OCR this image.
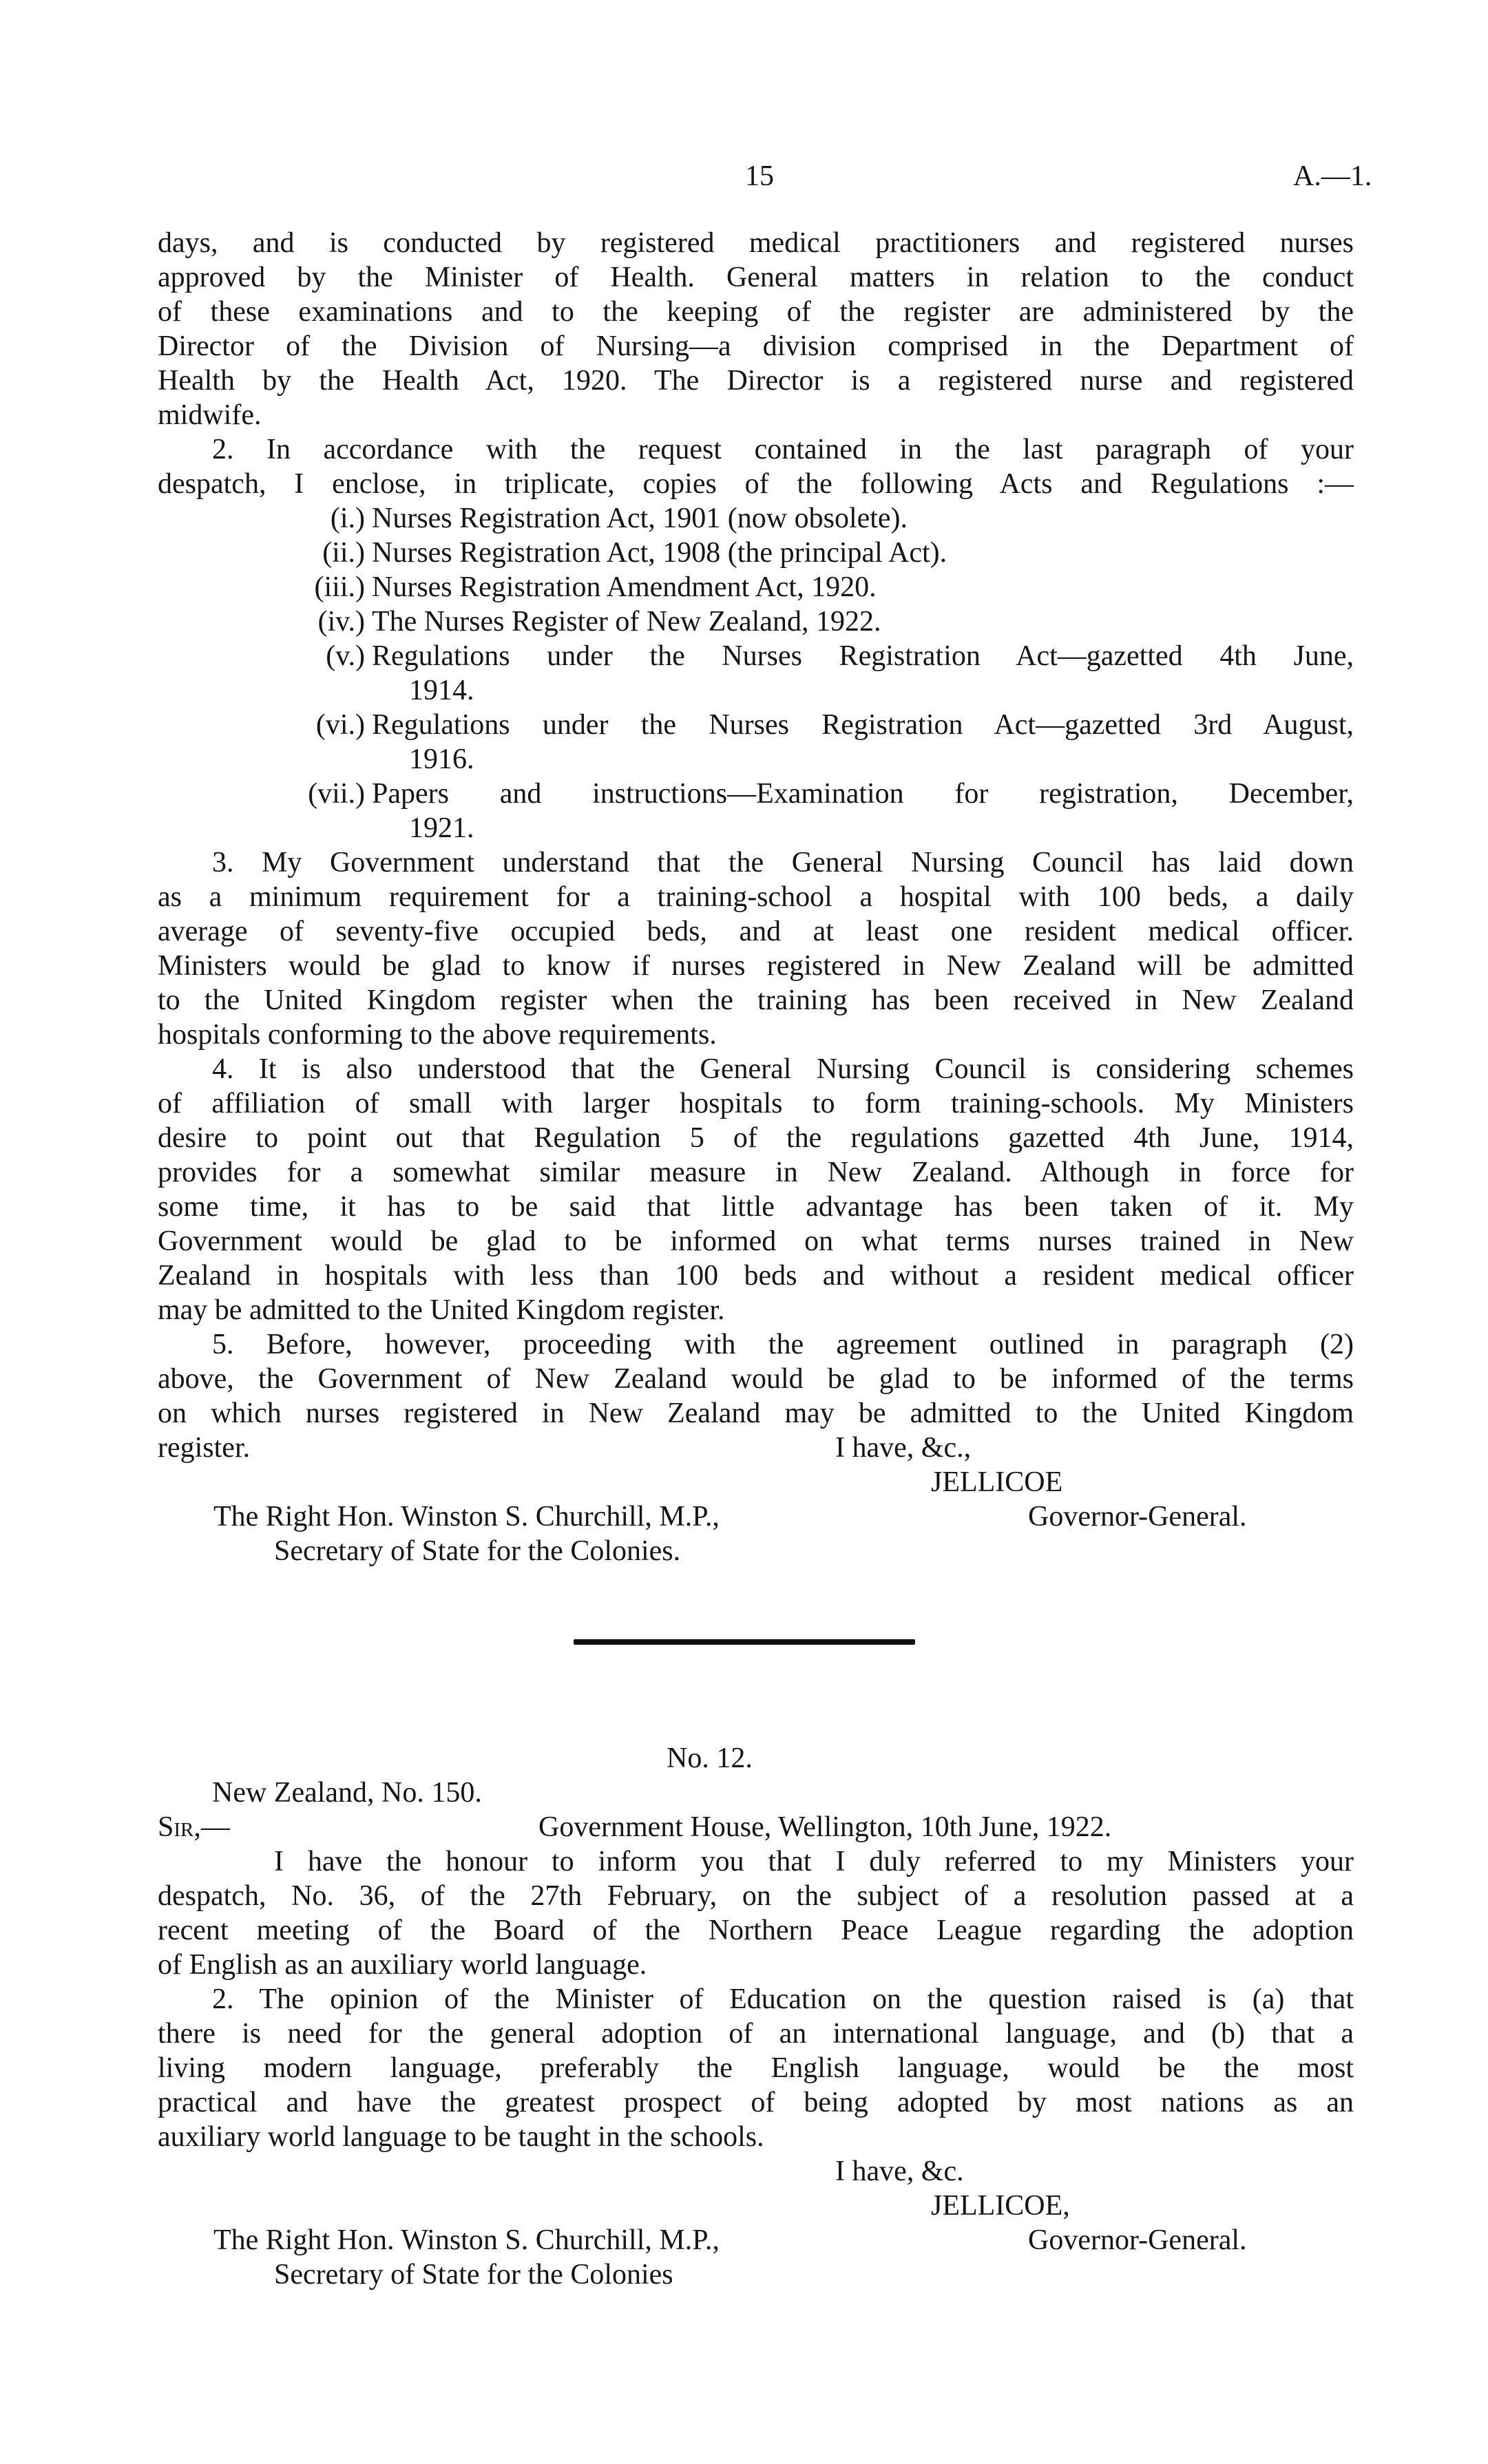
15	A.—1.
days, and is conducted by registered medical practitioners and registered nurses
approved by the Minister of Health. General matters in relation to the conduct
of these examinations and to the keeping of the register are administered by the
Director of the Division of Nursing—a division comprised in the Department of
Health by the Health Act, 1920. The Director is a registered nurse and registered
midwife.
2. In accordance with the request contained in the last paragraph of your
despatch, I enclose, in triplicate, copies of the following Acts and Regulations :—
(i.) Nurses Registration Act, 1901 (now obsolete).
(ii.) Nurses Registration Act, 1908 (the principal Act).
(iii.) Nurses Registration Amendment Act, 1920.
(iv.) The Nurses Register of New Zealand, 1922.
(v.) Regulations under the Nurses Registration Act—gazetted 4th June,
1914.
(vi.) Regulations under the Nurses Registration Act—gazetted 3rd August,
1916.
(vii.) Papers and instructions—Examination for registration, December,
1921.
3. My Government understand that the General Nursing Council has laid down
as a minimum requirement for a training-school a hospital with 100 beds, a daily
average of seventy-five occupied beds, and at least one resident medical officer.
Ministers would be glad to know if nurses registered in New Zealand will be admitted
to the United Kingdom register when the training has been received in New Zealand
hospitals conforming to the above requirements.
4. It is also understood that the General Nursing Council is considering schemes
of affiliation of small with larger hospitals to form training-schools. My Ministers
desire to point out that Regulation 5 of the regulations gazetted 4th June, 1914,
provides for a somewhat similar measure in New Zealand. Although in force for
some time, it has to be said that little advantage has been taken of it. My
Government would be glad to be informed on what terms nurses trained in New
Zealand in hospitals with less than 100 beds and without a resident medical officer
may be admitted to the United Kingdom register.
5. Before, however, proceeding with the agreement outlined in paragraph (2)
above, the Government of New Zealand would be glad to be informed of the terms
on which nurses registered in New Zealand may be admitted to the United Kingdom
register.	I have, &c.,
JELLICOE
The Right Hon. Winston S. Churchill, M.P.,	Governor-General.
Secretary of State for the Colonies.
No. 12.
New Zealand, No. 150.
Sir,—	Government House, Wellington, 10th June, 1922.
I have the honour to inform you that I duly referred to my Ministers your
despatch, No. 36, of the 27th February, on the subject of a resolution passed at a
recent meeting of the Board of the Northern Peace League regarding the adoption
of English as an auxiliary world language.
2. The opinion of the Minister of Education on the question raised is (a) that
there is need for the general adoption of an international language, and (b) that a
living modern language, preferably the English language, would be the most
practical and have the greatest prospect of being adopted by most nations as an
auxiliary world language to be taught in the schools.
I have, &c.
JELLICOE,
The Right Hon. Winston S. Churchill, M.P.,	Governor-General.
Secretary of State for the Colonies
